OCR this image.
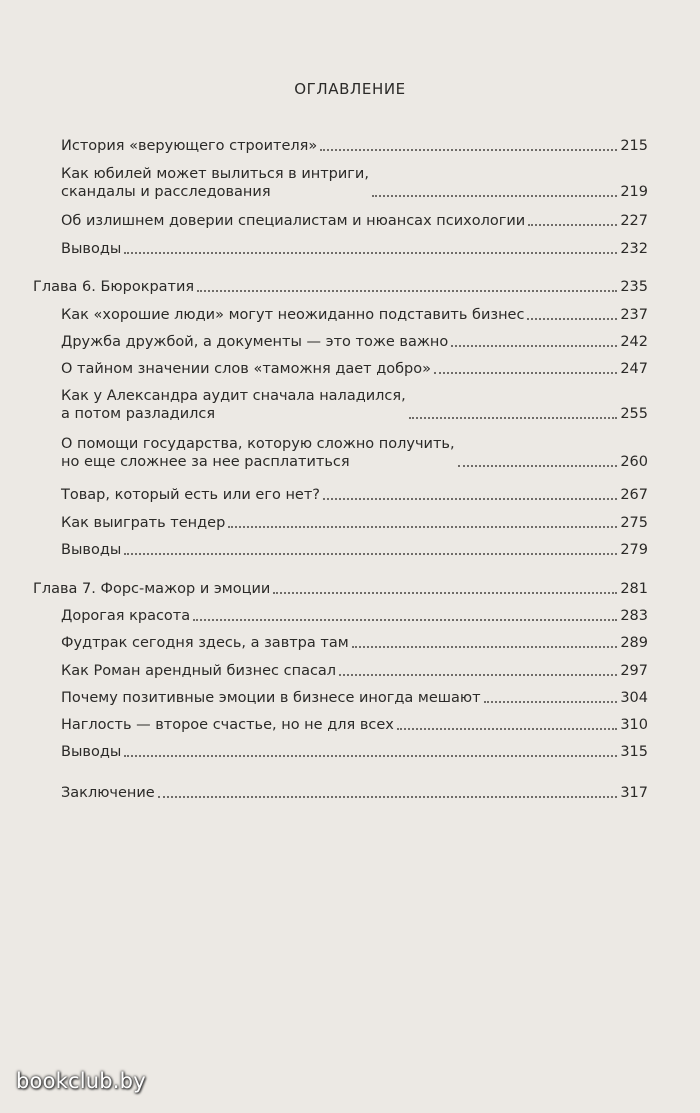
ОГЛАВЛЕНИЕ
История «верующего строителя»	215
Как юбилей может вылиться в интриги,
скандалы и расследования	219
Об излишнем доверии специалистам и нюансах психологии	227
Выводы	232
Глава 6. Бюрократия	235
Как «хорошие люди» могут неожиданно подставить бизнес	237
Дружба дружбой, а документы — это тоже важно	242
О тайном значении слов «таможня дает добро»	247
Как у Александра аудит сначала наладился,
а потом разладился	255
О помощи государства, которую сложно получить,
но еще сложнее за нее расплатиться	260
Товар, который есть или его нет?	267
Как выиграть тендер	275
Выводы	279
Глава 7. Форс-мажор и эмоции	281
Дорогая красота	283
Фудтрак сегодня здесь, а завтра там	289
Как Роман арендный бизнес спасал	297
Почему позитивные эмоции в бизнесе иногда мешают	304
Наглость — второе счастье, но не для всех	310
Выводы	315
Заключение	317
bookclub.by
